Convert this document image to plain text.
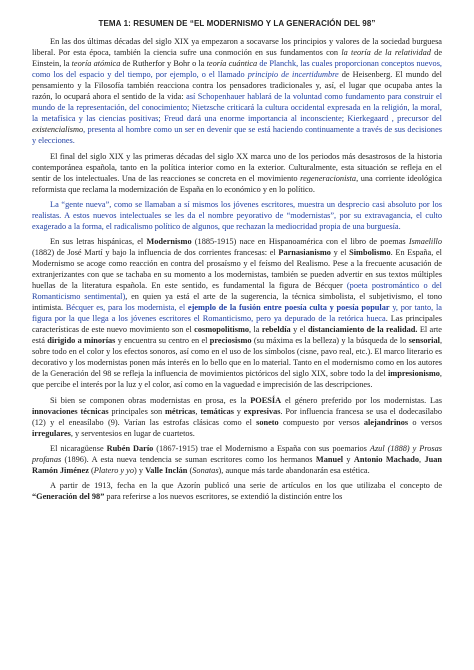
TEMA 1: RESUMEN DE “EL MODERNISMO Y LA GENERACIÓN DEL 98”

En las dos últimas décadas del siglo XIX ya empezaron a socavarse los principios y valores de la sociedad burguesa liberal. Por esta época, también la ciencia sufre una conmoción en sus fundamentos con la teoría de la relatividad de Einstein, la teoría atómica de Rutherfor y Bohr o la teoría cuántica de Planchk, las cuales proporcionan conceptos nuevos, como los del espacio y del tiempo, por ejemplo, o el llamado principio de incertidumbre de Heisenberg. El mundo del pensamiento y la Filosofía también reacciona contra los pensadores tradicionales y, así, el lugar que ocupaba antes la razón, lo ocupará ahora el sentido de la vida: así Schopenhauer hablará de la voluntad como fundamento para construir el mundo de la representación, del conocimiento; Nietzsche criticará la cultura occidental expresada en la religión, la moral, la metafísica y las ciencias positivas; Freud dará una enorme importancia al inconsciente; Kierkegaard , precursor del existencialismo, presenta al hombre como un ser en devenir que se está haciendo continuamente a través de sus decisiones y elecciones.

El final del siglo XIX y las primeras décadas del siglo XX marca uno de los periodos más desastrosos de la historia contemporánea española, tanto en la política interior como en la exterior. Culturalmente, esta situación se refleja en el sentir de los intelectuales. Una de las reacciones se concreta en el movimiento regeneracionista, una corriente ideológica reformista que reclama la modernización de España en lo económico y en lo político.

La “gente nueva”, como se llamaban a sí mismos los jóvenes escritores, muestra un desprecio casi absoluto por los realistas. A estos nuevos intelectuales se les da el nombre peyorativo de “modernistas”, por su extravagancia, el culto exagerado a la forma, el radicalismo político de algunos, que rechazan la mediocridad propia de una burguesía.

En sus letras hispánicas, el Modernismo (1885-1915) nace en Hispanoamérica con el libro de poemas Ismaelillo (1882) de José Martí y bajo la influencia de dos corrientes francesas: el Parnasianismo y el Simbolismo. En España, el Modernismo se acoge como reacción en contra del prosaísmo y el feísmo del Realismo. Pese a la frecuente acusación de extranjerizantes con que se tachaba en su momento a los modernistas, también se pueden advertir en sus textos múltiples huellas de la literatura española. En este sentido, es fundamental la figura de Bécquer (poeta postromántico o del Romanticismo sentimental), en quien ya está el arte de la sugerencia, la técnica simbolista, el subjetivismo, el tono intimista. Bécquer es, para los modernista, el ejemplo de la fusión entre poesía culta y poesía popular y, por tanto, la figura por la que llega a los jóvenes escritores el Romanticismo, pero ya depurado de la retórica hueca. Las principales características de este nuevo movimiento son el cosmopolitismo, la rebeldía y el distanciamiento de la realidad. El arte está dirigido a minorías y encuentra su centro en el preciosismo (su máxima es la belleza) y la búsqueda de lo sensorial, sobre todo en el color y los efectos sonoros, así como en el uso de los símbolos (cisne, pavo real, etc.). El marco literario es decorativo y los modernistas ponen más interés en lo bello que en lo material. Tanto en el modernismo como en los autores de la Generación del 98 se refleja la influencia de movimientos pictóricos del siglo XIX, sobre todo la del impresionismo, que percibe el interés por la luz y el color, así como en la vaguedad e imprecisión de las descripciones.

Si bien se componen obras modernistas en prosa, es la POESÍA el género preferido por los modernistas. Las innovaciones técnicas principales son métricas, temáticas y expresivas. Por influencia francesa se usa el dodecasílabo (12) y el eneasílabo (9). Varían las estrofas clásicas como el soneto compuesto por versos alejandrinos o versos irregulares, y serventesios en lugar de cuartetos.

El nicaragüense Rubén Darío (1867-1915) trae el Modernismo a España con sus poemarios Azul (1888) y Prosas profanas (1896). A esta nueva tendencia se suman escritores como los hermanos Manuel y Antonio Machado, Juan Ramón Jiménez (Platero y yo) y Valle Inclán (Sonatas), aunque más tarde abandonarán esa estética.

A partir de 1913, fecha en la que Azorín publicó una serie de artículos en los que utilizaba el concepto de “Generación del 98” para referirse a los nuevos escritores, se extendió la distinción entre los
